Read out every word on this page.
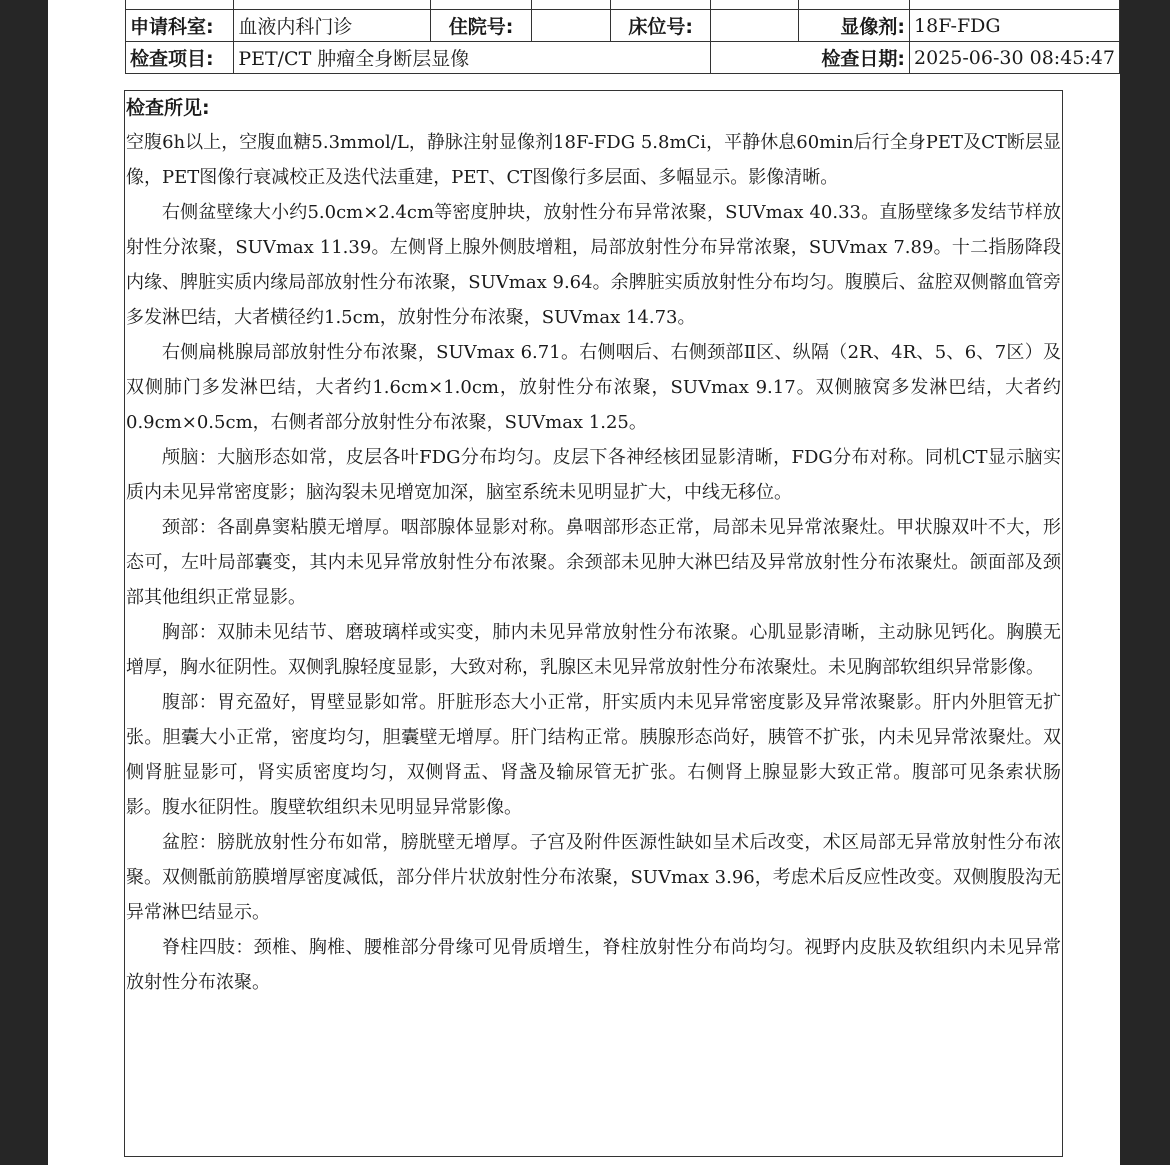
申请科室:	血液内科门诊	住院号:		床位号:		显像剂:	18F-FDG
检查项目:	PET/CT 肿瘤全身断层显像				检查日期:		2025-06-30 08:45:47
检查所见:

空腹6h以上，空腹血糖5.3mmol/L，静脉注射显像剂18F-FDG 5.8mCi，平静休息60min后行全身PET及CT断层显像，PET图像行衰减校正及迭代法重建，PET、CT图像行多层面、多幅显示。影像清晰。

右侧盆壁缘大小约5.0cm×2.4cm等密度肿块，放射性分布异常浓聚，SUVmax 40.33。直肠壁缘多发结节样放射性分浓聚，SUVmax 11.39。左侧肾上腺外侧肢增粗，局部放射性分布异常浓聚，SUVmax 7.89。十二指肠降段内缘、脾脏实质内缘局部放射性分布浓聚，SUVmax 9.64。余脾脏实质放射性分布均匀。腹膜后、盆腔双侧髂血管旁多发淋巴结，大者横径约1.5cm，放射性分布浓聚，SUVmax 14.73。

右侧扁桃腺局部放射性分布浓聚，SUVmax 6.71。右侧咽后、右侧颈部Ⅱ区、纵隔（2R、4R、5、6、7区）及双侧肺门多发淋巴结，大者约1.6cm×1.0cm，放射性分布浓聚，SUVmax 9.17。双侧腋窝多发淋巴结，大者约0.9cm×0.5cm，右侧者部分放射性分布浓聚，SUVmax 1.25。

颅脑：大脑形态如常，皮层各叶FDG分布均匀。皮层下各神经核团显影清晰，FDG分布对称。同机CT显示脑实质内未见异常密度影；脑沟裂未见增宽加深，脑室系统未见明显扩大，中线无移位。

颈部：各副鼻窦粘膜无增厚。咽部腺体显影对称。鼻咽部形态正常，局部未见异常浓聚灶。甲状腺双叶不大，形态可，左叶局部囊变，其内未见异常放射性分布浓聚。余颈部未见肿大淋巴结及异常放射性分布浓聚灶。颌面部及颈部其他组织正常显影。

胸部：双肺未见结节、磨玻璃样或实变，肺内未见异常放射性分布浓聚。心肌显影清晰，主动脉见钙化。胸膜无增厚，胸水征阴性。双侧乳腺轻度显影，大致对称，乳腺区未见异常放射性分布浓聚灶。未见胸部软组织异常影像。

腹部：胃充盈好，胃壁显影如常。肝脏形态大小正常，肝实质内未见异常密度影及异常浓聚影。肝内外胆管无扩张。胆囊大小正常，密度均匀，胆囊壁无增厚。肝门结构正常。胰腺形态尚好，胰管不扩张，内未见异常浓聚灶。双侧肾脏显影可，肾实质密度均匀，双侧肾盂、肾盏及输尿管无扩张。右侧肾上腺显影大致正常。腹部可见条索状肠影。腹水征阴性。腹壁软组织未见明显异常影像。

盆腔：膀胱放射性分布如常，膀胱壁无增厚。子宫及附件医源性缺如呈术后改变，术区局部无异常放射性分布浓聚。双侧骶前筋膜增厚密度减低，部分伴片状放射性分布浓聚，SUVmax 3.96，考虑术后反应性改变。双侧腹股沟无异常淋巴结显示。

脊柱四肢：颈椎、胸椎、腰椎部分骨缘可见骨质增生，脊柱放射性分布尚均匀。视野内皮肤及软组织内未见异常放射性分布浓聚。
